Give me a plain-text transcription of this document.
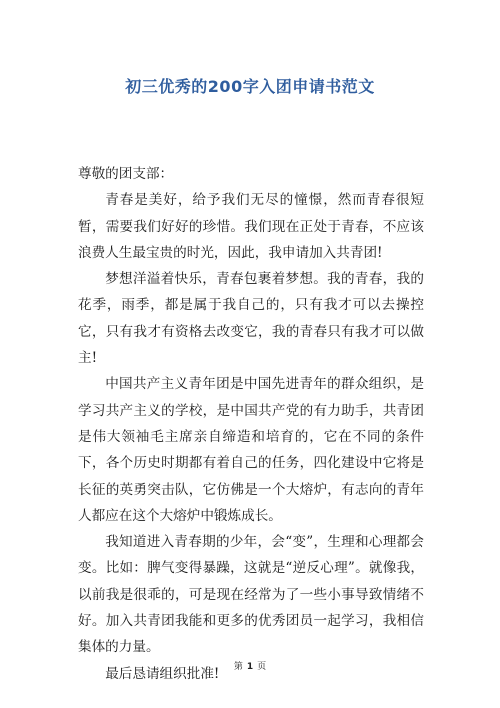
初三优秀的200字入团申请书范文

尊敬的团支部：

青春是美好，给予我们无尽的憧憬，然而青春很短暂，需要我们好好的珍惜。我们现在正处于青春，不应该浪费人生最宝贵的时光，因此，我申请加入共青团!

梦想洋溢着快乐，青春包裹着梦想。我的青春，我的花季，雨季，都是属于我自己的，只有我才可以去操控它，只有我才有资格去改变它，我的青春只有我才可以做主!

中国共产主义青年团是中国先进青年的群众组织，是学习共产主义的学校，是中国共产党的有力助手，共青团是伟大领袖毛主席亲自缔造和培育的，它在不同的条件下，各个历史时期都有着自己的任务，四化建设中它将是长征的英勇突击队，它仿佛是一个大熔炉，有志向的青年人都应在这个大熔炉中锻炼成长。

我知道进入青春期的少年，会“变”，生理和心理都会变。比如：脾气变得暴躁，这就是“逆反心理”。就像我，以前我是很乖的，可是现在经常为了一些小事导致情绪不好。加入共青团我能和更多的优秀团员一起学习，我相信集体的力量。

最后恳请组织批准!	第 1 页
